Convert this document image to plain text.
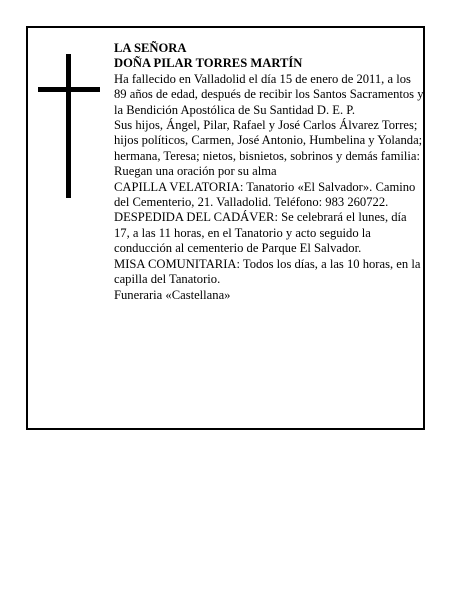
LA SEÑORA

DOÑA PILAR TORRES MARTÍN

Ha fallecido en Valladolid el día 15 de enero de 2011, a los 89 años de edad, después de recibir los Santos Sacramentos y la Bendición Apostólica de Su Santidad D. E. P.

Sus hijos, Ángel, Pilar, Rafael y José Carlos Álvarez Torres; hijos políticos, Carmen, José Antonio, Humbelina y Yolanda; hermana, Teresa; nietos, bisnietos, sobrinos y demás familia:

Ruegan una oración por su alma

CAPILLA VELATORIA: Tanatorio «El Salvador». Camino del Cementerio, 21. Valladolid. Teléfono: 983 260722.

DESPEDIDA DEL CADÁVER: Se celebrará el lunes, día 17, a las 11 horas, en el Tanatorio y acto seguido la conducción al cementerio de Parque El Salvador.

MISA COMUNITARIA: Todos los días, a las 10 horas, en la capilla del Tanatorio.

Funeraria «Castellana»
